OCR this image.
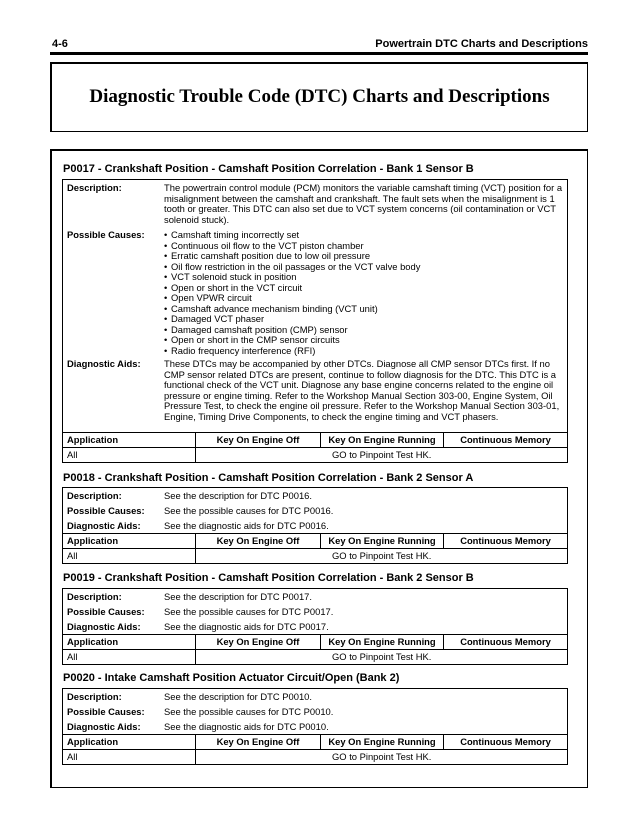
4-6	Powertrain DTC Charts and Descriptions
Diagnostic Trouble Code (DTC) Charts and Descriptions
P0017 - Crankshaft Position - Camshaft Position Correlation - Bank 1 Sensor B
Description:	The powertrain control module (PCM) monitors the variable camshaft timing (VCT) position for a misalignment between the camshaft and crankshaft. The fault sets when the misalignment is 1 tooth or greater. This DTC can also set due to VCT system concerns (oil contamination or VCT solenoid stuck).
Possible Causes:
•	Camshaft timing incorrectly set
• Continuous oil flow to the VCT piston chamber
• Erratic camshaft position due to low oil pressure
• Oil flow restriction in the oil passages or the VCT valve body
• VCT solenoid stuck in position
• Open or short in the VCT circuit
• Open VPWR circuit
• Camshaft advance mechanism binding (VCT unit)
• Damaged VCT phaser
• Damaged camshaft position (CMP) sensor
• Open or short in the CMP sensor circuits
• Radio frequency interference (RFI)
Diagnostic Aids:	These DTCs may be accompanied by other DTCs. Diagnose all CMP sensor DTCs first. If no CMP sensor related DTCs are present, continue to follow diagnosis for the DTC. This DTC is a functional check of the VCT unit. Diagnose any base engine concerns related to the engine oil pressure or engine timing. Refer to the Workshop Manual Section 303-00, Engine System, Oil Pressure Test, to check the engine oil pressure. Refer to the Workshop Manual Section 303-01, Engine, Timing Drive Components, to check the engine timing and VCT phasers.
Application	Key On Engine Off	Key On Engine Running	Continuous Memory
All	GO to Pinpoint Test HK.
P0018 - Crankshaft Position - Camshaft Position Correlation - Bank 2 Sensor A
Description:	See the description for DTC P0016.
Possible Causes:	See the possible causes for DTC P0016.
Diagnostic Aids:	See the diagnostic aids for DTC P0016.
Application	Key On Engine Off	Key On Engine Running	Continuous Memory
All	GO to Pinpoint Test HK.
P0019 - Crankshaft Position - Camshaft Position Correlation - Bank 2 Sensor B
Description:	See the description for DTC P0017.
Possible Causes:	See the possible causes for DTC P0017.
Diagnostic Aids:	See the diagnostic aids for DTC P0017.
Application	Key On Engine Off	Key On Engine Running	Continuous Memory
All	GO to Pinpoint Test HK.
P0020 - Intake Camshaft Position Actuator Circuit/Open (Bank 2)
Description:	See the description for DTC P0010.
Possible Causes:	See the possible causes for DTC P0010.
Diagnostic Aids:	See the diagnostic aids for DTC P0010.
Application	Key On Engine Off	Key On Engine Running	Continuous Memory
All	GO to Pinpoint Test HK.
